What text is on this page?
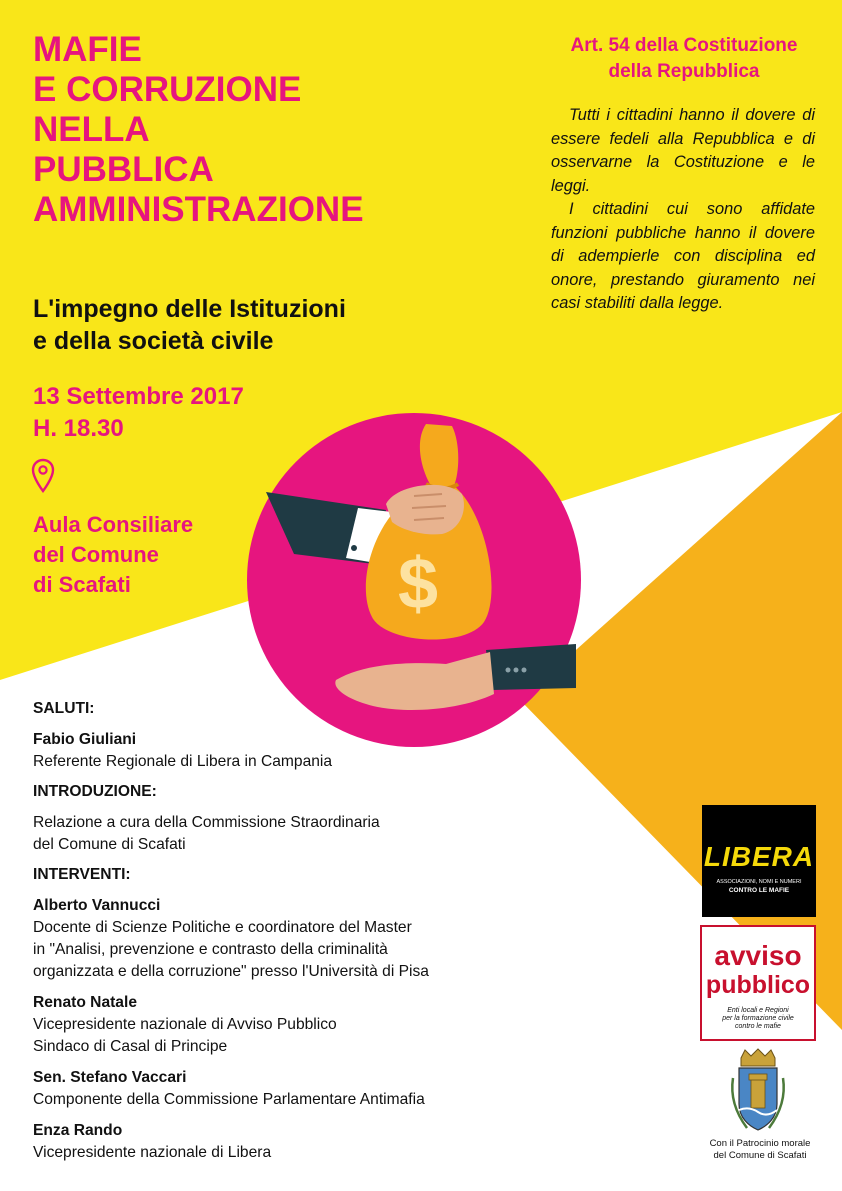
$
MAFIE
E CORRUZIONE
NELLA
PUBBLICA
AMMINISTRAZIONE
L'impegno delle Istituzioni
e della società civile
13 Settembre 2017
H. 18.30
Aula Consiliare
del Comune
di Scafati
Art. 54 della Costituzione
della Repubblica

Tutti i cittadini hanno il dovere di essere fedeli alla Repubblica e di osservarne la Costituzione e le leggi.

I cittadini cui sono affidate funzioni pubbliche hanno il dovere di adempierle con disciplina ed onore, prestando giuramento nei casi stabiliti dalla legge.

SALUTI:
Fabio Giuliani
Referente Regionale di Libera in Campania
INTRODUZIONE:
Relazione a cura della Commissione Straordinaria
del Comune di Scafati
INTERVENTI:
Alberto Vannucci
Docente di Scienze Politiche e coordinatore del Master
in "Analisi, prevenzione e contrasto della criminalità
organizzata e della corruzione" presso l'Università di Pisa
Renato Natale
Vicepresidente nazionale di Avviso Pubblico
Sindaco di Casal di Principe
Sen. Stefano Vaccari
Componente della Commissione Parlamentare Antimafia
Enza Rando
Vicepresidente nazionale di Libera
LIBERA
ASSOCIAZIONI, NOMI E NUMERI
CONTRO LE MAFIE
avviso
pubblico
Enti locali e Regioni
per la formazione civile
contro le mafie
Con il Patrocinio morale
del Comune di Scafati
